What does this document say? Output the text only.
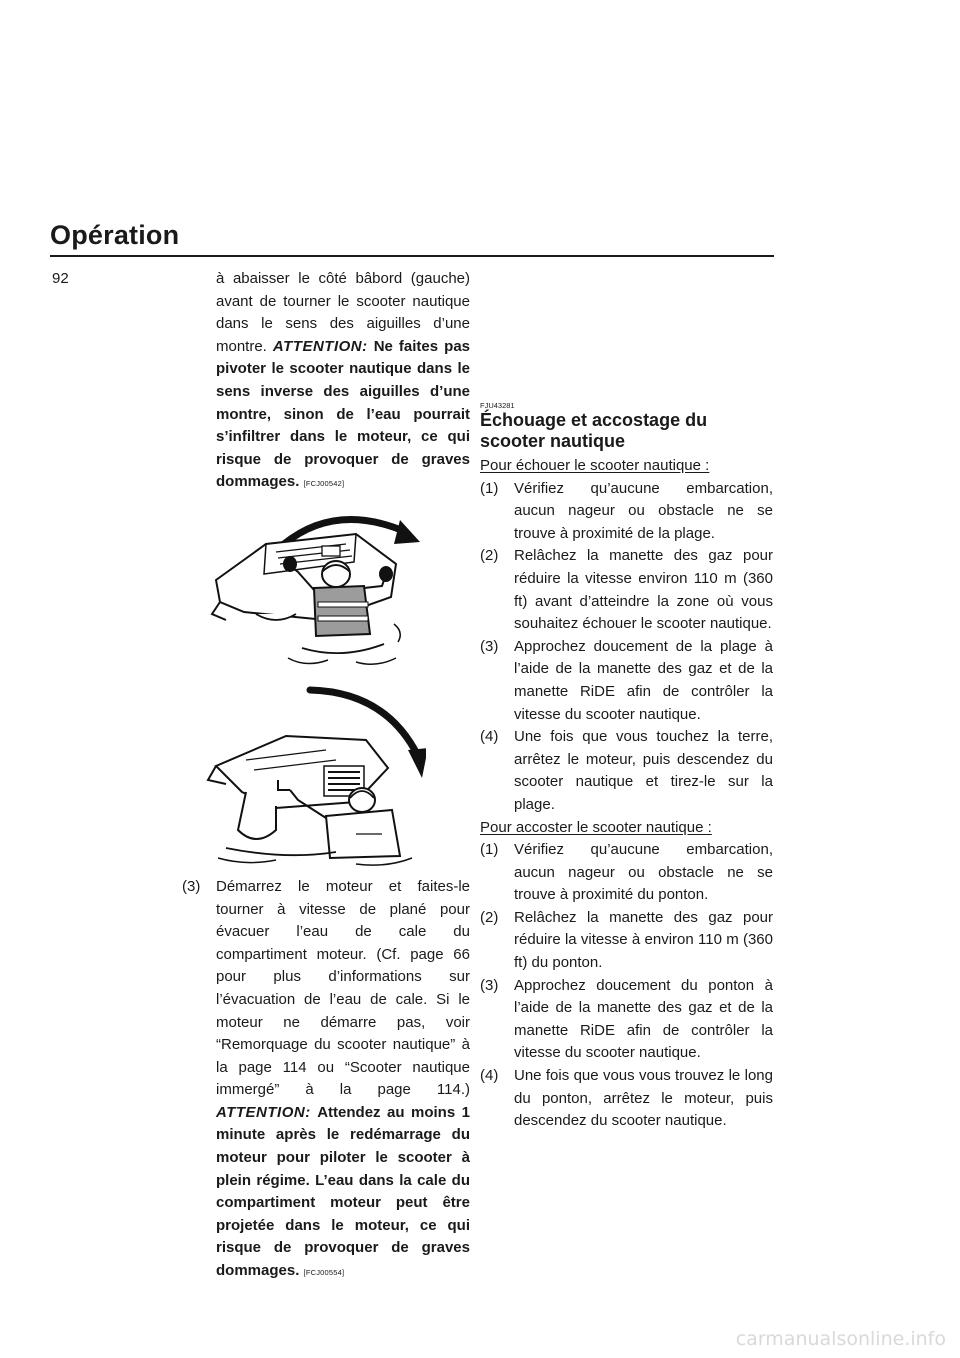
Opération
92	à abaisser le côté bâbord (gauche) avant de tourner le scooter nautique dans le sens des aiguilles d’une montre. ATTENTION: Ne faites pas pivoter le scooter nautique dans le sens inverse des aiguilles d’une montre, sinon de l’eau pourrait s’infiltrer dans le moteur, ce qui risque de provoquer de graves dommages. [FCJ00542]
(3) Démarrez le moteur et faites-le tourner à vitesse de plané pour évacuer l’eau de cale du compartiment moteur. (Cf. page 66 pour plus d’informations sur l’évacuation de l’eau de cale. Si le moteur ne démarre pas, voir “Remorquage du scooter nautique” à la page 114 ou “Scooter nautique immergé” à la page 114.) ATTENTION: Attendez au moins 1 minute après le redémarrage du moteur pour piloter le scooter à plein régime. L’eau dans la cale du compartiment moteur peut être projetée dans le moteur, ce qui risque de provoquer de graves dommages. [FCJ00554]
FJU43281
Échouage et accostage du scooter nautique
Pour échouer le scooter nautique :
(1) Vérifiez qu’aucune embarcation, aucun nageur ou obstacle ne se trouve à proximité de la plage.
(2) Relâchez la manette des gaz pour réduire la vitesse environ 110 m (360 ft) avant d’atteindre la zone où vous souhaitez échouer le scooter nautique.
(3) Approchez doucement de la plage à l’aide de la manette des gaz et de la manette RiDE afin de contrôler la vitesse du scooter nautique.
(4) Une fois que vous touchez la terre, arrêtez le moteur, puis descendez du scooter nautique et tirez-le sur la plage.
Pour accoster le scooter nautique :
(1) Vérifiez qu’aucune embarcation, aucun nageur ou obstacle ne se trouve à proximité du ponton.
(2) Relâchez la manette des gaz pour réduire la vitesse à environ 110 m (360 ft) du ponton.
(3) Approchez doucement du ponton à l’aide de la manette des gaz et de la manette RiDE afin de contrôler la vitesse du scooter nautique.
(4) Une fois que vous vous trouvez le long du ponton, arrêtez le moteur, puis descendez du scooter nautique.
carmanualsonline.info
